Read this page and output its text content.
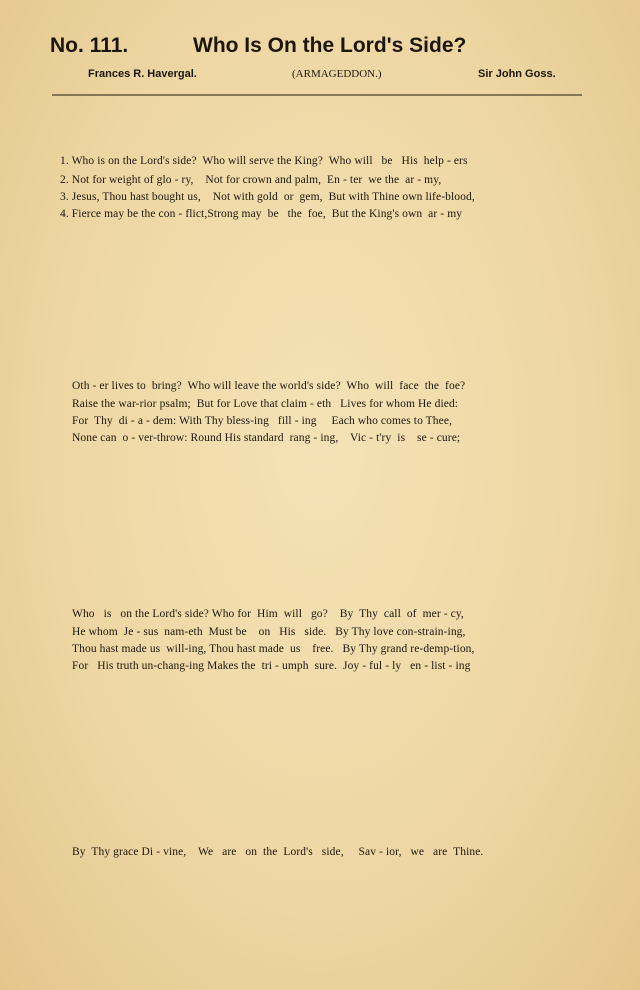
No. 111.	Who Is On the Lord's Side?
Frances R. Havergal.	(ARMAGEDDON.)	Sir John Goss.
1. Who is on the Lord's side?  Who will serve the King?  Who will   be   His  help - ers
2. Not for weight of glo - ry,    Not for crown and palm,  En - ter  we the  ar - my,
3. Jesus, Thou hast bought us,    Not with gold  or  gem,  But with Thine own life-blood,
4. Fierce may be the con - flict,Strong may  be   the  foe,  But the King's own  ar - my
Oth - er lives to  bring?  Who will leave the world's side?  Who  will  face  the  foe?
Raise the war-rior psalm;  But for Love that claim - eth   Lives for whom He died:
For  Thy  di - a - dem: With Thy bless-ing   fill - ing     Each who comes to Thee,
None can  o - ver-throw: Round His standard  rang - ing,    Vic - t'ry  is    se - cure;
Who   is   on the Lord's side? Who for  Him  will   go?    By  Thy  call  of  mer - cy,
He whom  Je - sus  nam-eth  Must be    on   His   side.   By Thy love con-strain-ing,
Thou hast made us  will-ing, Thou hast made  us    free.   By Thy grand re-demp-tion,
For   His truth un-chang-ing Makes the  tri - umph  sure.  Joy - ful - ly   en - list - ing
By  Thy grace Di - vine,    We   are   on  the  Lord's   side,     Sav - ior,   we   are  Thine.
